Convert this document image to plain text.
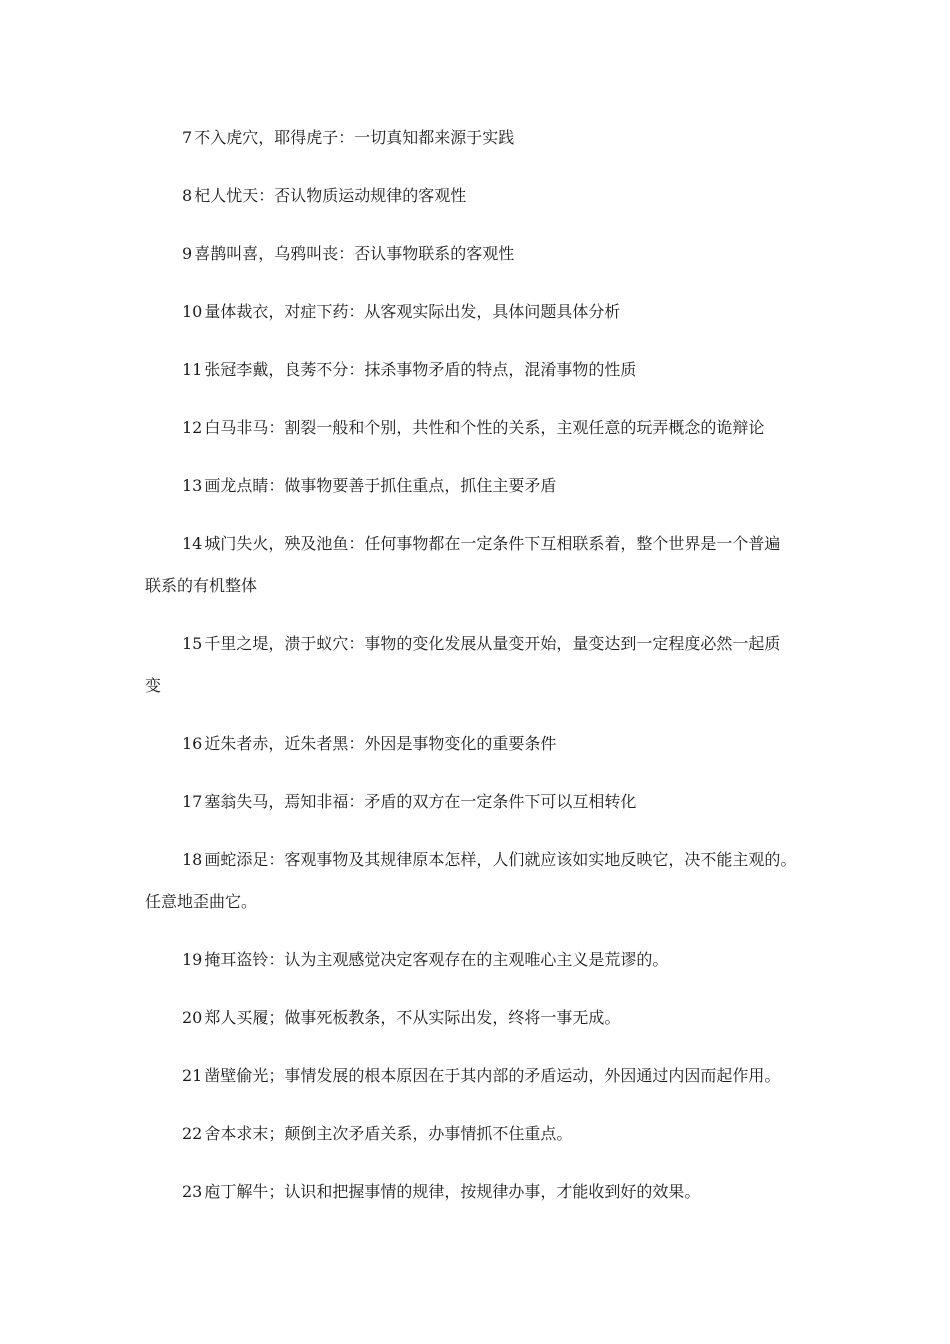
7 不入虎穴，耶得虎子：一切真知都来源于实践

8 杞人忧天：否认物质运动规律的客观性

9 喜鹊叫喜，乌鸦叫丧：否认事物联系的客观性

10 量体裁衣，对症下药：从客观实际出发，具体问题具体分析

11 张冠李戴，良莠不分：抹杀事物矛盾的特点，混淆事物的性质

12 白马非马：割裂一般和个别，共性和个性的关系，主观任意的玩弄概念的诡辩论

13 画龙点睛：做事物要善于抓住重点，抓住主要矛盾

14 城门失火，殃及池鱼：任何事物都在一定条件下互相联系着，整个世界是一个普遍
联系的有机整体

15 千里之堤，溃于蚁穴：事物的变化发展从量变开始，量变达到一定程度必然一起质
变

16 近朱者赤，近朱者黑：外因是事物变化的重要条件

17 塞翁失马，焉知非福：矛盾的双方在一定条件下可以互相转化

18 画蛇添足：客观事物及其规律原本怎样，人们就应该如实地反映它，决不能主观的。
任意地歪曲它。

19 掩耳盗铃：认为主观感觉决定客观存在的主观唯心主义是荒谬的。

20 郑人买履；做事死板教条，不从实际出发，终将一事无成。

21 凿壁偷光；事情发展的根本原因在于其内部的矛盾运动，外因通过内因而起作用。

22 舍本求末；颠倒主次矛盾关系，办事情抓不住重点。

23 庖丁解牛；认识和把握事情的规律，按规律办事，才能收到好的效果。
